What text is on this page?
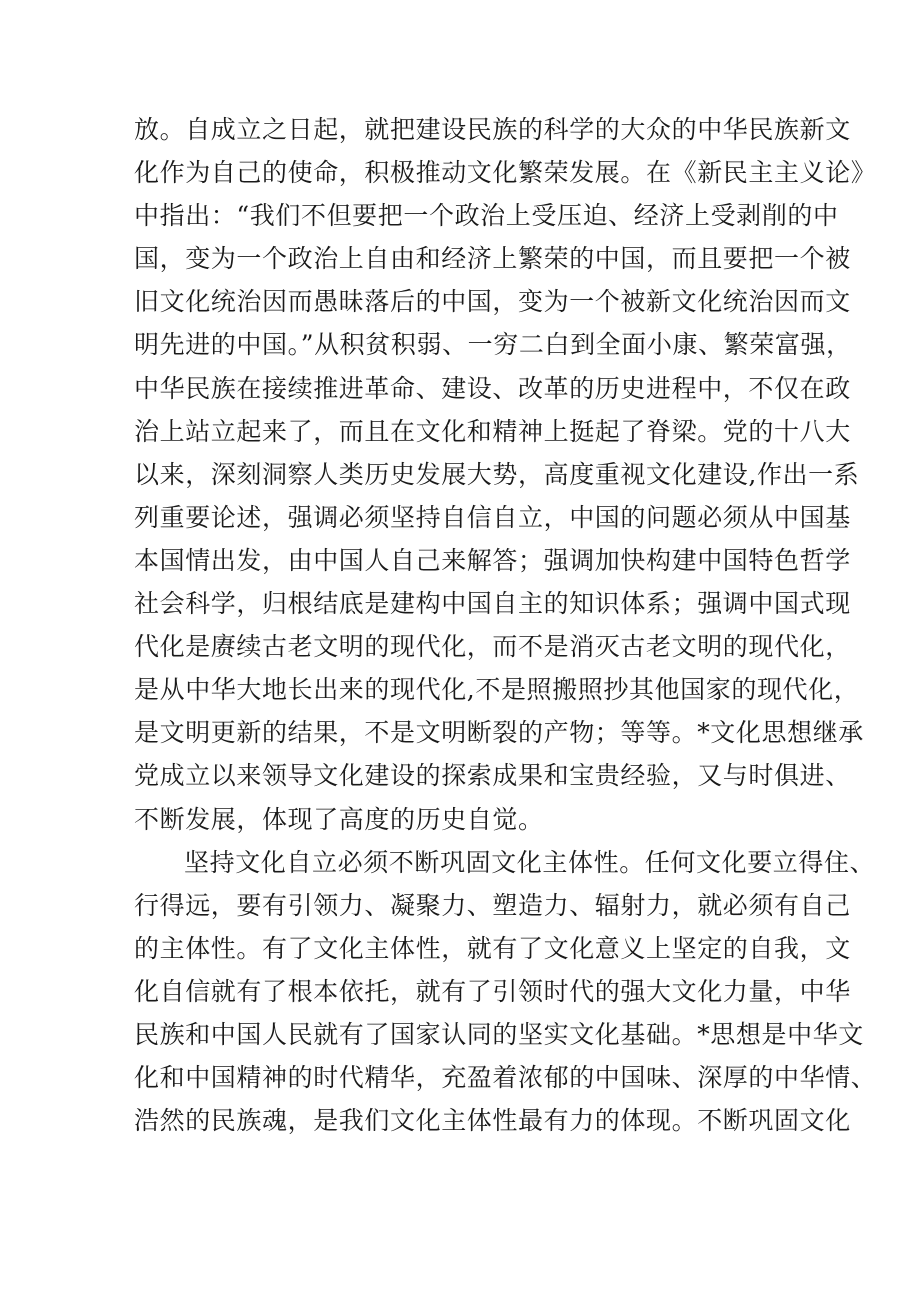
放。自成立之日起，就把建设民族的科学的大众的中华民族新文
化作为自己的使命，积极推动文化繁荣发展。在《新民主主义论》
中指出：“我们不但要把一个政治上受压迫、经济上受剥削的中
国，变为一个政治上自由和经济上繁荣的中国，而且要把一个被
旧文化统治因而愚昧落后的中国，变为一个被新文化统治因而文
明先进的中国。”从积贫积弱、一穷二白到全面小康、繁荣富强，
中华民族在接续推进革命、建设、改革的历史进程中，不仅在政
治上站立起来了，而且在文化和精神上挺起了脊梁。党的十八大
以来，深刻洞察人类历史发展大势，高度重视文化建设,作出一系
列重要论述，强调必须坚持自信自立，中国的问题必须从中国基
本国情出发，由中国人自己来解答；强调加快构建中国特色哲学
社会科学，归根结底是建构中国自主的知识体系；强调中国式现
代化是赓续古老文明的现代化，而不是消灭古老文明的现代化，
是从中华大地长出来的现代化,不是照搬照抄其他国家的现代化，
是文明更新的结果，不是文明断裂的产物；等等。*文化思想继承
党成立以来领导文化建设的探索成果和宝贵经验，又与时俱进、
不断发展，体现了高度的历史自觉。
坚持文化自立必须不断巩固文化主体性。任何文化要立得住、
行得远，要有引领力、凝聚力、塑造力、辐射力，就必须有自己
的主体性。有了文化主体性，就有了文化意义上坚定的自我，文
化自信就有了根本依托，就有了引领时代的强大文化力量，中华
民族和中国人民就有了国家认同的坚实文化基础。*思想是中华文
化和中国精神的时代精华，充盈着浓郁的中国味、深厚的中华情、
浩然的民族魂，是我们文化主体性最有力的体现。不断巩固文化
